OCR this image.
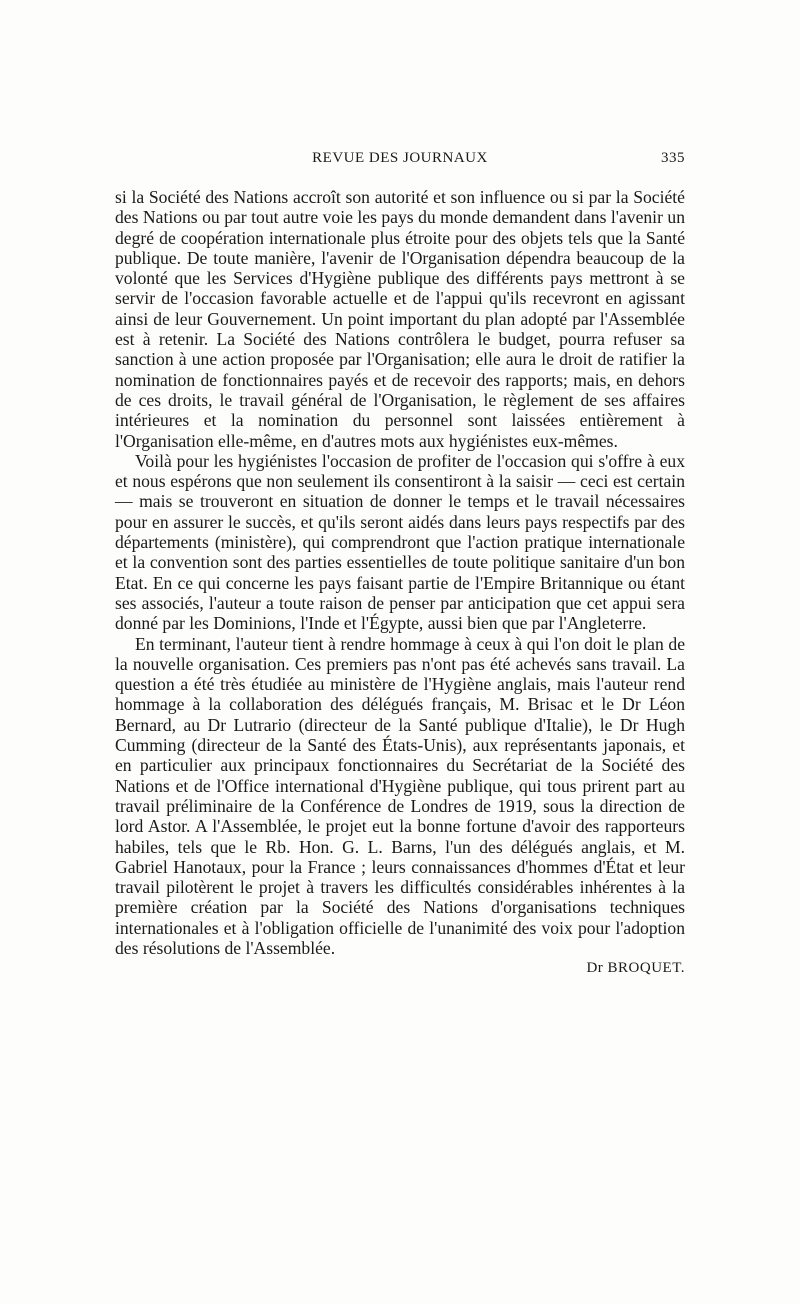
REVUE DES JOURNAUX	335

si la Société des Nations accroît son autorité et son influence ou si par la Société des Nations ou par tout autre voie les pays du monde demandent dans l'avenir un degré de coopération internationale plus étroite pour des objets tels que la Santé publique. De toute manière, l'avenir de l'Organisation dépendra beaucoup de la volonté que les Services d'Hygiène publique des différents pays mettront à se servir de l'occasion favorable actuelle et de l'appui qu'ils recevront en agissant ainsi de leur Gouvernement. Un point important du plan adopté par l'Assemblée est à retenir. La Société des Nations contrôlera le budget, pourra refuser sa sanction à une action proposée par l'Organisation; elle aura le droit de ratifier la nomination de fonctionnaires payés et de recevoir des rapports; mais, en dehors de ces droits, le travail général de l'Organisation, le règlement de ses affaires intérieures et la nomination du personnel sont laissées entièrement à l'Organisation elle-même, en d'autres mots aux hygiénistes eux-mêmes.

Voilà pour les hygiénistes l'occasion de profiter de l'occasion qui s'offre à eux et nous espérons que non seulement ils consentiront à la saisir — ceci est certain — mais se trouveront en situation de donner le temps et le travail nécessaires pour en assurer le succès, et qu'ils seront aidés dans leurs pays respectifs par des départements (ministère), qui comprendront que l'action pratique internationale et la convention sont des parties essentielles de toute politique sanitaire d'un bon Etat. En ce qui concerne les pays faisant partie de l'Empire Britannique ou étant ses associés, l'auteur a toute raison de penser par anticipation que cet appui sera donné par les Dominions, l'Inde et l'Égypte, aussi bien que par l'Angleterre.

En terminant, l'auteur tient à rendre hommage à ceux à qui l'on doit le plan de la nouvelle organisation. Ces premiers pas n'ont pas été achevés sans travail. La question a été très étudiée au ministère de l'Hygiène anglais, mais l'auteur rend hommage à la collaboration des délégués français, M. Brisac et le Dr Léon Bernard, au Dr Lutrario (directeur de la Santé publique d'Italie), le Dr Hugh Cumming (directeur de la Santé des États-Unis), aux représentants japonais, et en particulier aux principaux fonctionnaires du Secrétariat de la Société des Nations et de l'Office international d'Hygiène publique, qui tous prirent part au travail préliminaire de la Conférence de Londres de 1919, sous la direction de lord Astor. A l'Assemblée, le projet eut la bonne fortune d'avoir des rapporteurs habiles, tels que le Rb. Hon. G. L. Barns, l'un des délégués anglais, et M. Gabriel Hanotaux, pour la France ; leurs connaissances d'hommes d'État et leur travail pilotèrent le projet à travers les difficultés considérables inhérentes à la première création par la Société des Nations d'organisations techniques internationales et à l'obligation officielle de l'unanimité des voix pour l'adoption des résolutions de l'Assemblée.

Dr BROQUET.
